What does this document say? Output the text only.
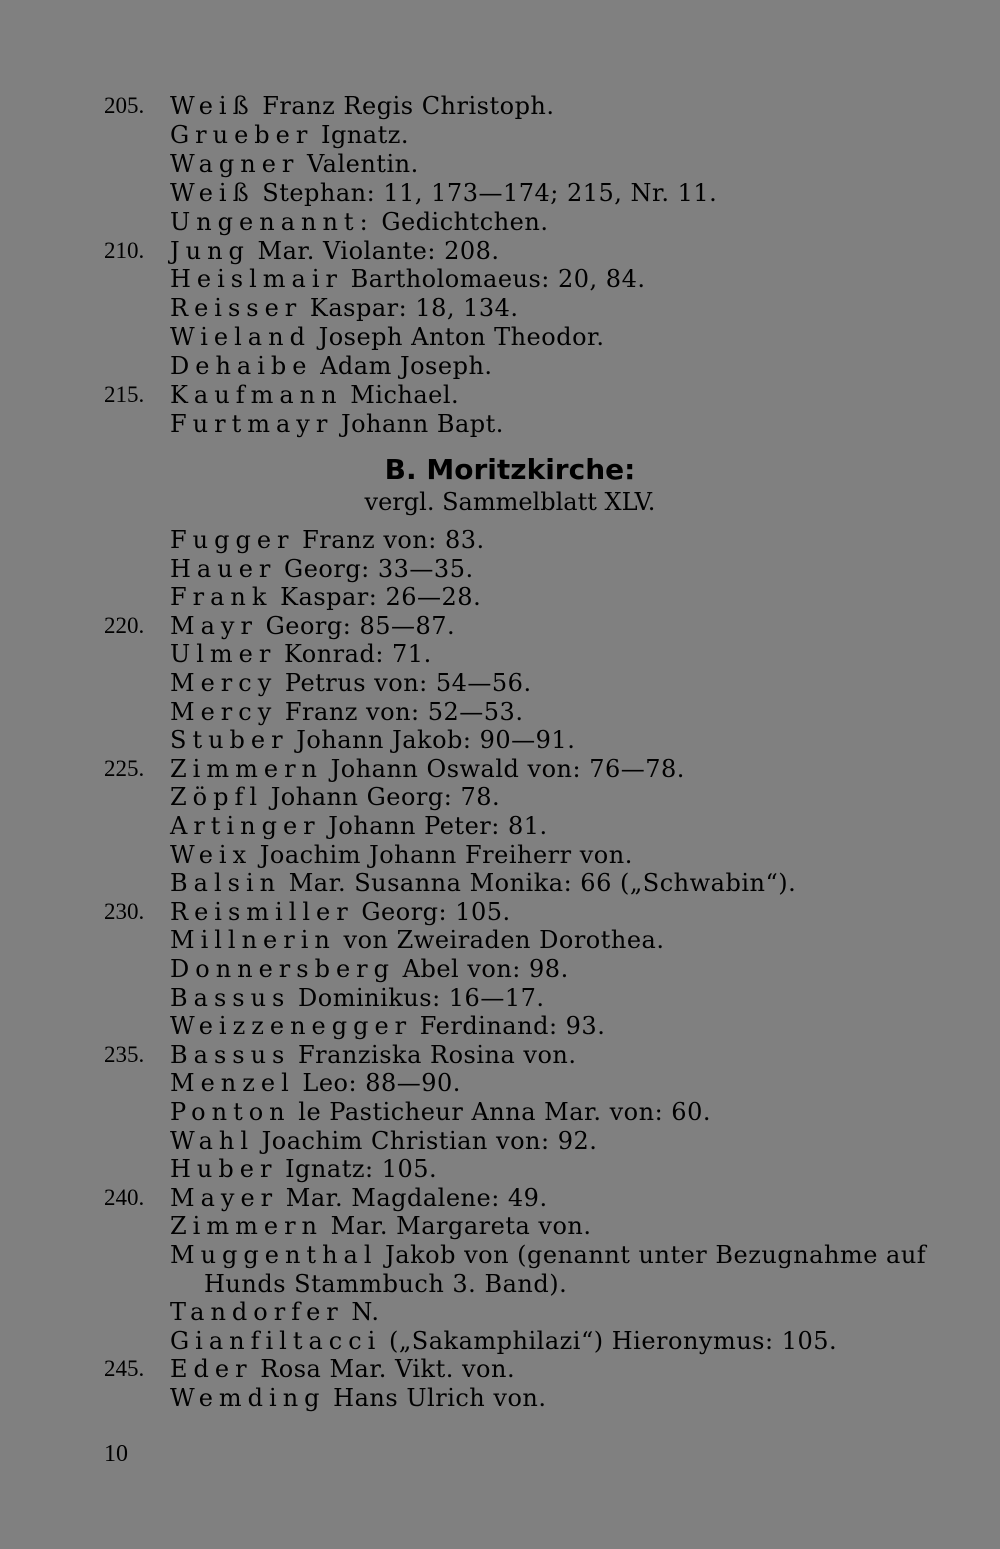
205.	Weiß Franz Regis Christoph.
Grueber Ignatz.
Wagner Valentin.
Weiß Stephan: 11, 173—174; 215, Nr. 11.
Ungenannt: Gedichtchen.
210.	Jung Mar. Violante: 208.
Heislmair Bartholomaeus: 20, 84.
Reisser Kaspar: 18, 134.
Wieland Joseph Anton Theodor.
Dehaibe Adam Joseph.
215.	Kaufmann Michael.
Furtmayr Johann Bapt.
B. Moritzkirche:
vergl. Sammelblatt XLV.
Fugger Franz von: 83.
Hauer Georg: 33—35.
Frank Kaspar: 26—28.
220.	Mayr Georg: 85—87.
Ulmer Konrad: 71.
Mercy Petrus von: 54—56.
Mercy Franz von: 52—53.
Stuber Johann Jakob: 90—91.
225.	Zimmern Johann Oswald von: 76—78.
Zöpfl Johann Georg: 78.
Artinger Johann Peter: 81.
Weix Joachim Johann Freiherr von.
Balsin Mar. Susanna Monika: 66 („Schwabin“).
230.	Reismiller Georg: 105.
Millnerin von Zweiraden Dorothea.
Donnersberg Abel von: 98.
Bassus Dominikus: 16—17.
Weizzenegger Ferdinand: 93.
235.	Bassus Franziska Rosina von.
Menzel Leo: 88—90.
Ponton le Pasticheur Anna Mar. von: 60.
Wahl Joachim Christian von: 92.
Huber Ignatz: 105.
240.	Mayer Mar. Magdalene: 49.
Zimmern Mar. Margareta von.
Muggenthal Jakob von (genannt unter Bezugnahme auf
Hunds Stammbuch 3. Band).
Tandorfer N.
Gianfiltacci („Sakamphilazi“) Hieronymus: 105.
245.	Eder Rosa Mar. Vikt. von.
Wemding Hans Ulrich von.
10
